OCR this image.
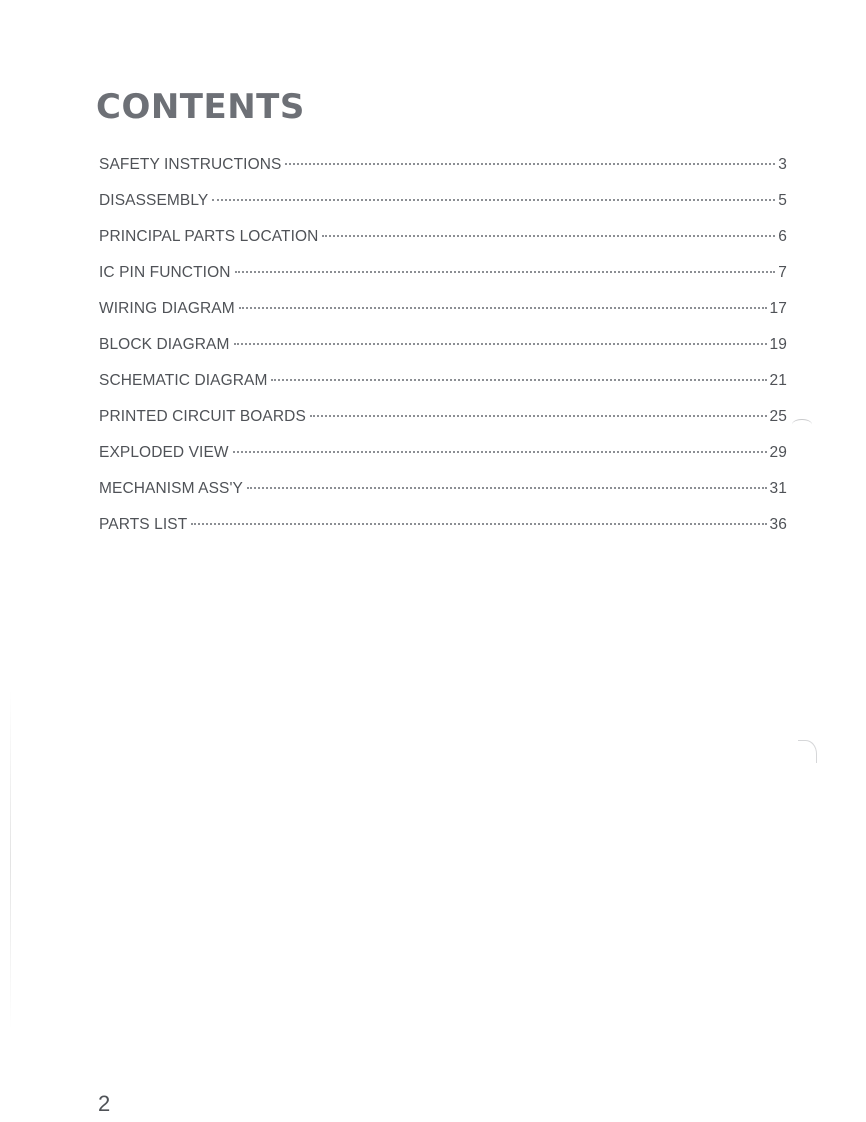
CONTENTS
SAFETY INSTRUCTIONS	3
DISASSEMBLY	5
PRINCIPAL PARTS LOCATION	6
IC PIN FUNCTION	7
WIRING DIAGRAM	17
BLOCK DIAGRAM	19
SCHEMATIC DIAGRAM	21
PRINTED CIRCUIT BOARDS	25
EXPLODED VIEW	29
MECHANISM ASS'Y	31
PARTS LIST	36
2
